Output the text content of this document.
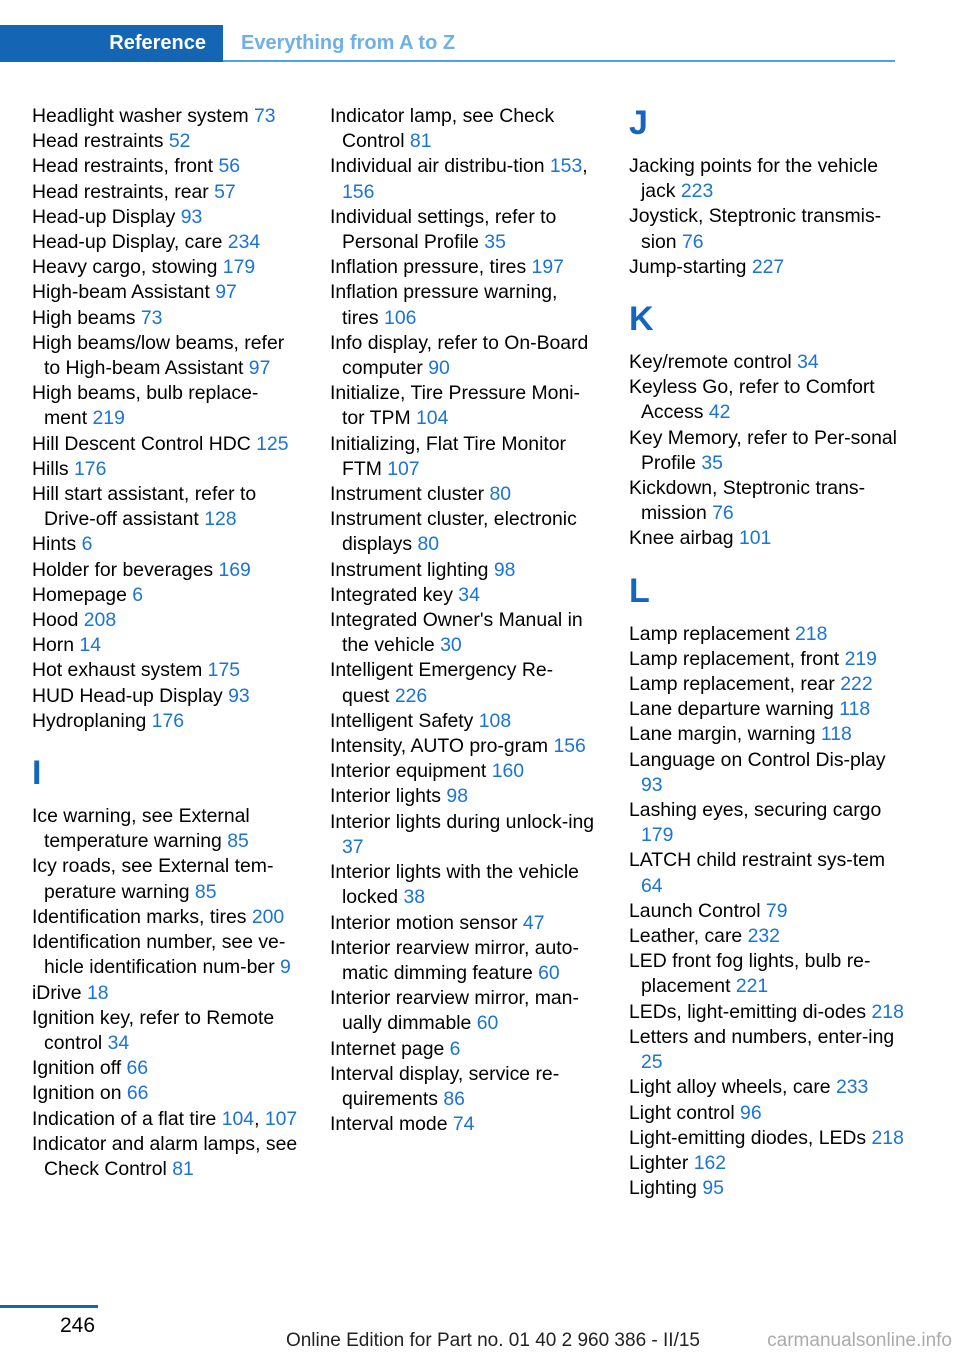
Reference	Everything from A to Z
Headlight washer system 73
Head restraints 52
Head restraints, front 56
Head restraints, rear 57
Head-up Display 93
Head-up Display, care 234
Heavy cargo, stowing 179
High-beam Assistant 97
High beams 73
High beams/low beams, refer to High-beam Assistant 97
High beams, bulb replace-ment 219
Hill Descent Control HDC 125
Hills 176
Hill start assistant, refer to Drive-off assistant 128
Hints 6
Holder for beverages 169
Homepage 6
Hood 208
Horn 14
Hot exhaust system 175
HUD Head-up Display 93
Hydroplaning 176
I
Ice warning, see External temperature warning 85
Icy roads, see External tem-perature warning 85
Identification marks, tires 200
Identification number, see ve-hicle identification num-ber 9
iDrive 18
Ignition key, refer to Remote control 34
Ignition off 66
Ignition on 66
Indication of a flat tire 104, 107
Indicator and alarm lamps, see Check Control 81
Indicator lamp, see Check Control 81
Individual air distribu-tion 153, 156
Individual settings, refer to Personal Profile 35
Inflation pressure, tires 197
Inflation pressure warning, tires 106
Info display, refer to On-Board computer 90
Initialize, Tire Pressure Moni-tor TPM 104
Initializing, Flat Tire Monitor FTM 107
Instrument cluster 80
Instrument cluster, electronic displays 80
Instrument lighting 98
Integrated key 34
Integrated Owner's Manual in the vehicle 30
Intelligent Emergency Re-quest 226
Intelligent Safety 108
Intensity, AUTO pro-gram 156
Interior equipment 160
Interior lights 98
Interior lights during unlock-ing 37
Interior lights with the vehicle locked 38
Interior motion sensor 47
Interior rearview mirror, auto-matic dimming feature 60
Interior rearview mirror, man-ually dimmable 60
Internet page 6
Interval display, service re-quirements 86
Interval mode 74
J
Jacking points for the vehicle jack 223
Joystick, Steptronic transmis-sion 76
Jump-starting 227
K
Key/remote control 34
Keyless Go, refer to Comfort Access 42
Key Memory, refer to Per-sonal Profile 35
Kickdown, Steptronic trans-mission 76
Knee airbag 101
L
Lamp replacement 218
Lamp replacement, front 219
Lamp replacement, rear 222
Lane departure warning 118
Lane margin, warning 118
Language on Control Dis-play 93
Lashing eyes, securing cargo 179
LATCH child restraint sys-tem 64
Launch Control 79
Leather, care 232
LED front fog lights, bulb re-placement 221
LEDs, light-emitting di-odes 218
Letters and numbers, enter-ing 25
Light alloy wheels, care 233
Light control 96
Light-emitting diodes, LEDs 218
Lighter 162
Lighting 95
246
Online Edition for Part no. 01 40 2 960 386 - II/15	carmanualsonline.info
